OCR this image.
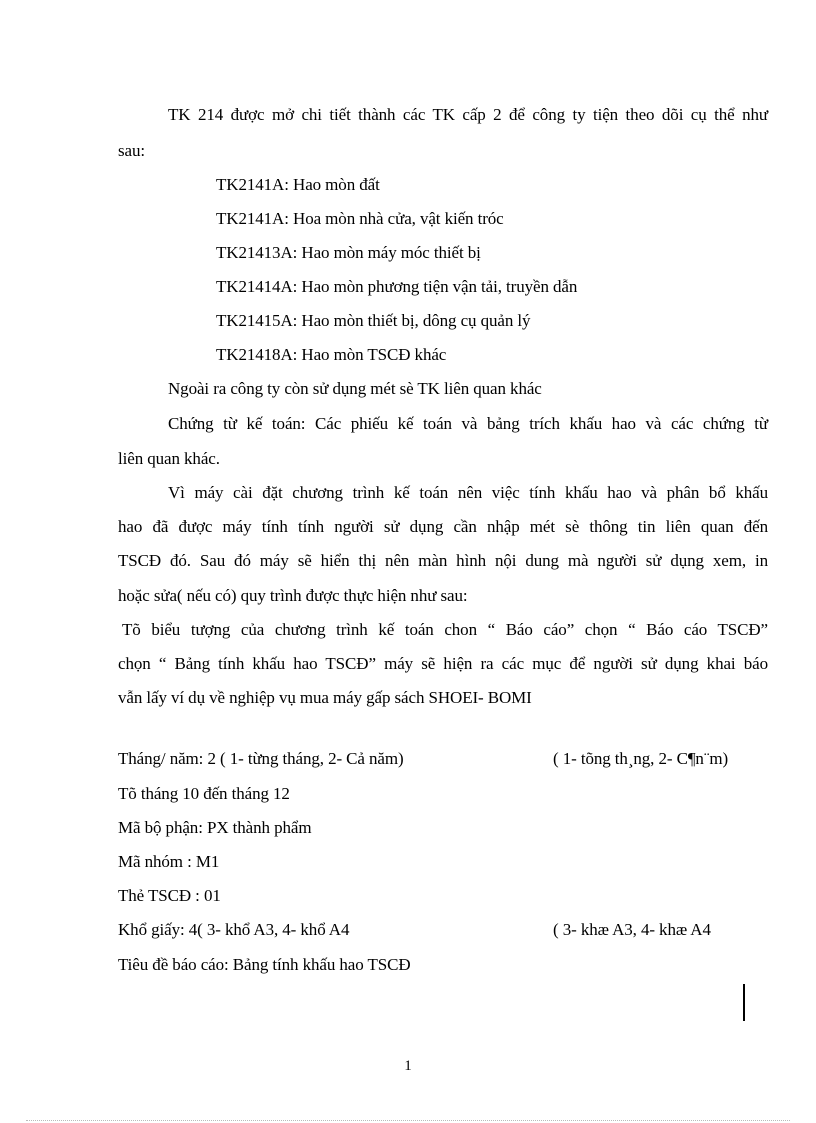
TK 214 được mở chi tiết thành các TK cấp 2 để công ty tiện theo dõi cụ thể như
sau:
TK2141A: Hao mòn đất
TK2141A: Hoa mòn nhà cửa, vật kiến tróc
TK21413A: Hao mòn máy móc thiết bị
TK21414A: Hao mòn phương tiện vận tải, truyền dẫn
TK21415A: Hao mòn thiết bị, dông cụ quản lý
TK21418A: Hao mòn TSCĐ khác
Ngoài ra công ty còn sử dụng mét sè TK liên quan khác
Chứng từ kế toán: Các phiếu kế toán và bảng trích khấu hao và các chứng từ
liên quan khác.
Vì máy cài đặt chương trình kế toán nên việc tính khấu hao và phân bổ khấu
hao đã được máy tính tính người sử dụng cần nhập mét sè thông tin liên quan đến
TSCĐ đó. Sau đó máy sẽ hiển thị nên màn hình nội dung mà người sử dụng xem, in
hoặc sửa( nếu có) quy trình được thực hiện như sau:
Tõ biểu tượng của chương trình kế toán chon “ Báo cáo” chọn “ Báo cáo TSCĐ”
chọn “ Bảng tính khấu hao TSCĐ” máy sẽ hiện ra các mục để người sử dụng khai báo
vẫn lấy ví dụ về nghiệp vụ mua máy gấp sách SHOEI- BOMI
Tháng/ năm: 2 ( 1- từng tháng, 2- Cả năm)	( 1- tõng th¸ng, 2- C¶n¨m)
Tõ tháng 10 đến tháng 12
Mã bộ phận: PX thành phẩm
Mã nhóm : M1
Thẻ TSCĐ : 01
Khổ giấy: 4( 3- khổ A3, 4- khổ A4	( 3- khæ A3, 4- khæ A4
Tiêu đề báo cáo: Bảng tính khấu hao TSCĐ
1
